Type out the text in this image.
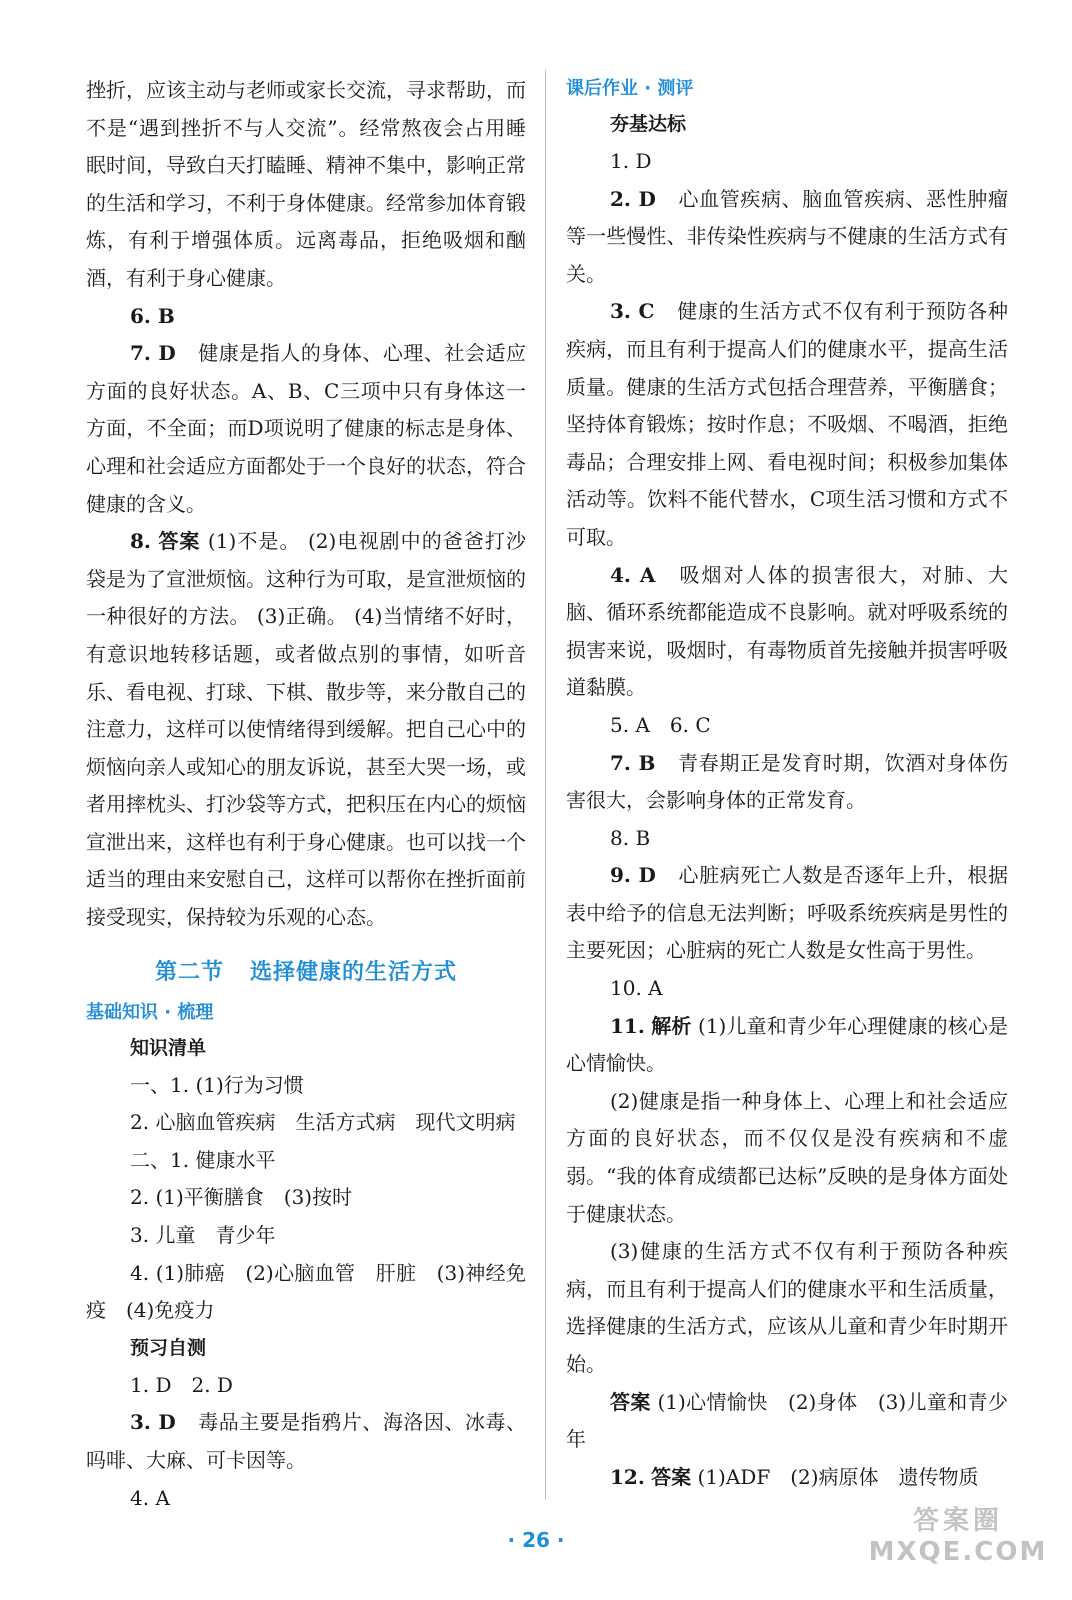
挫折，应该主动与老师或家长交流，寻求帮助，而不是“遇到挫折不与人交流”。经常熬夜会占用睡眠时间，导致白天打瞌睡、精神不集中，影响正常的生活和学习，不利于身体健康。经常参加体育锻炼，有利于增强体质。远离毒品，拒绝吸烟和酗酒，有利于身心健康。

6. B

7. D 健康是指人的身体、心理、社会适应方面的良好状态。A、B、C三项中只有身体这一方面，不全面；而D项说明了健康的标志是身体、心理和社会适应方面都处于一个良好的状态，符合健康的含义。

8. 答案 (1)不是。 (2)电视剧中的爸爸打沙袋是为了宣泄烦恼。这种行为可取，是宣泄烦恼的一种很好的方法。 (3)正确。 (4)当情绪不好时，有意识地转移话题，或者做点别的事情，如听音乐、看电视、打球、下棋、散步等，来分散自己的注意力，这样可以使情绪得到缓解。把自己心中的烦恼向亲人或知心的朋友诉说，甚至大哭一场，或者用摔枕头、打沙袋等方式，把积压在内心的烦恼宣泄出来，这样也有利于身心健康。也可以找一个适当的理由来安慰自己，这样可以帮你在挫折面前接受现实，保持较为乐观的心态。

第二节 选择健康的生活方式

基础知识 · 梳理

知识清单

一、1. (1)行为习惯

2. 心脑血管疾病　生活方式病　现代文明病

二、1. 健康水平

2. (1)平衡膳食　(3)按时

3. 儿童　青少年

4. (1)肺癌　(2)心脑血管　肝脏　(3)神经免疫　(4)免疫力

预习自测

1. D　2. D

3. D 毒品主要是指鸦片、海洛因、冰毒、吗啡、大麻、可卡因等。

4. A

课后作业 · 测评

夯基达标

1. D

2. D 心血管疾病、脑血管疾病、恶性肿瘤等一些慢性、非传染性疾病与不健康的生活方式有关。

3. C 健康的生活方式不仅有利于预防各种疾病，而且有利于提高人们的健康水平，提高生活质量。健康的生活方式包括合理营养，平衡膳食；坚持体育锻炼；按时作息；不吸烟、不喝酒，拒绝毒品；合理安排上网、看电视时间；积极参加集体活动等。饮料不能代替水，C项生活习惯和方式不可取。

4. A 吸烟对人体的损害很大，对肺、大脑、循环系统都能造成不良影响。就对呼吸系统的损害来说，吸烟时，有毒物质首先接触并损害呼吸道黏膜。

5. A　6. C

7. B 青春期正是发育时期，饮酒对身体伤害很大，会影响身体的正常发育。

8. B

9. D 心脏病死亡人数是否逐年上升，根据表中给予的信息无法判断；呼吸系统疾病是男性的主要死因；心脏病的死亡人数是女性高于男性。

10. A

11. 解析 (1)儿童和青少年心理健康的核心是心情愉快。

(2)健康是指一种身体上、心理上和社会适应方面的良好状态，而不仅仅是没有疾病和不虚弱。“我的体育成绩都已达标”反映的是身体方面处于健康状态。

(3)健康的生活方式不仅有利于预防各种疾病，而且有利于提高人们的健康水平和生活质量，选择健康的生活方式，应该从儿童和青少年时期开始。

答案 (1)心情愉快　(2)身体　(3)儿童和青少年

12. 答案 (1)ADF　(2)病原体　遗传物质

· 26 ·
答案圈
MXQE.COM
